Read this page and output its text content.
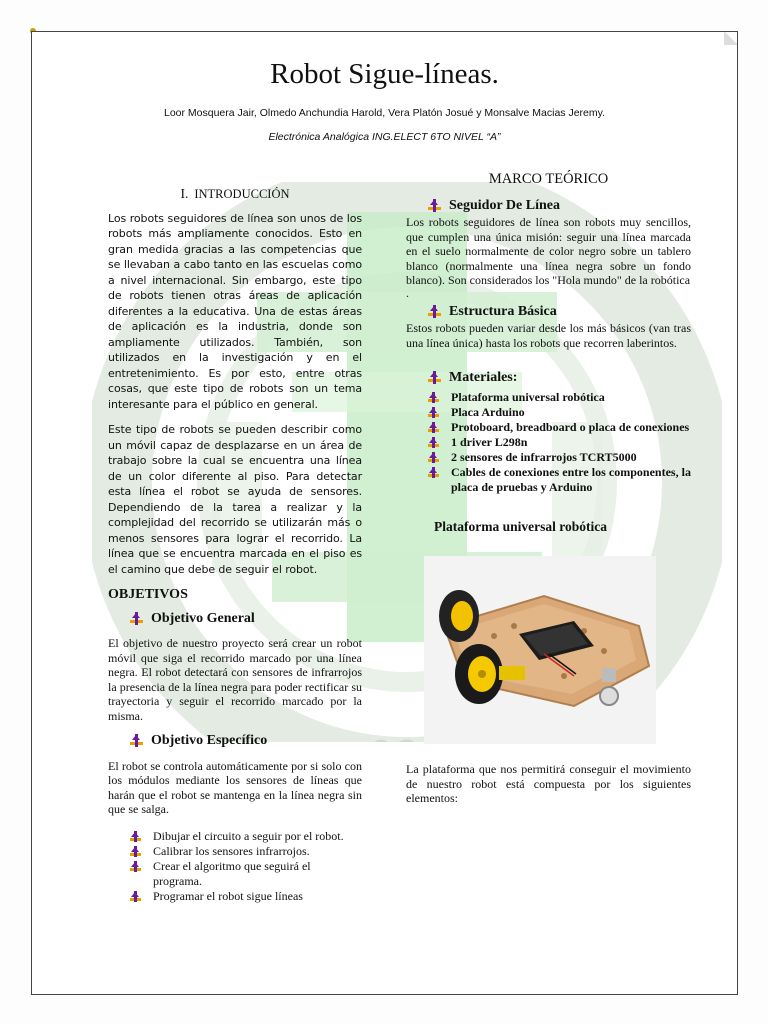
Robot Sigue-líneas.
Loor Mosquera Jair, Olmedo Anchundia Harold, Vera Platón Josué y Monsalve Macias Jeremy.
Electrónica Analógica ING.ELECT 6TO NIVEL “A”
I. INTRODUCCIÓN

Los robots seguidores de línea son unos de los robots más ampliamente conocidos. Esto en gran medida gracias a las competencias que se llevaban a cabo tanto en las escuelas como a nivel internacional. Sin embargo, este tipo de robots tienen otras áreas de aplicación diferentes a la educativa. Una de estas áreas de aplicación es la industria, donde son ampliamente utilizados. También, son utilizados en la investigación y en el entretenimiento. Es por esto, entre otras cosas, que este tipo de robots son un tema interesante para el público en general.

Este tipo de robots se pueden describir como un móvil capaz de desplazarse en un área de trabajo sobre la cual se encuentra una línea de un color diferente al piso. Para detectar esta línea el robot se ayuda de sensores. Dependiendo de la tarea a realizar y la complejidad del recorrido se utilizarán más o menos sensores para lograr el recorrido. La línea que se encuentra marcada en el piso es el camino que debe de seguir el robot.

OBJETIVOS
Objetivo General

El objetivo de nuestro proyecto será crear un robot móvil que siga el recorrido marcado por una línea negra. El robot detectará con sensores de infrarrojos la presencia de la línea negra para poder rectificar su trayectoria y seguir el recorrido marcado por la misma.

Objetivo Específico

El robot se controla automáticamente por si solo con los módulos mediante los sensores de líneas que harán que el robot se mantenga en la línea negra sin que se salga.

Dibujar el circuito a seguir por el robot.
Calibrar los sensores infrarrojos.
Crear el algoritmo que seguirá el programa.
Programar el robot sigue líneas
MARCO TEÓRICO
Seguidor De Línea

Los robots seguidores de línea son robots muy sencillos, que cumplen una única misión: seguir una línea marcada en el suelo normalmente de color negro sobre un tablero blanco (normalmente una línea negra sobre un fondo blanco). Son considerados los "Hola mundo" de la robótica

.
Estructura Básica

Estos robots pueden variar desde los más básicos (van tras una línea única) hasta los robots que recorren laberintos.

Materiales:
Plataforma universal robótica
Placa Arduino
Protoboard, breadboard o placa de conexiones
1 driver L298n
2 sensores de infrarrojos TCRT5000
Cables de conexiones entre los componentes, la placa de pruebas y Arduino
Plataforma universal robótica

La plataforma que nos permitirá conseguir el movimiento de nuestro robot está compuesta por los siguientes elementos:
